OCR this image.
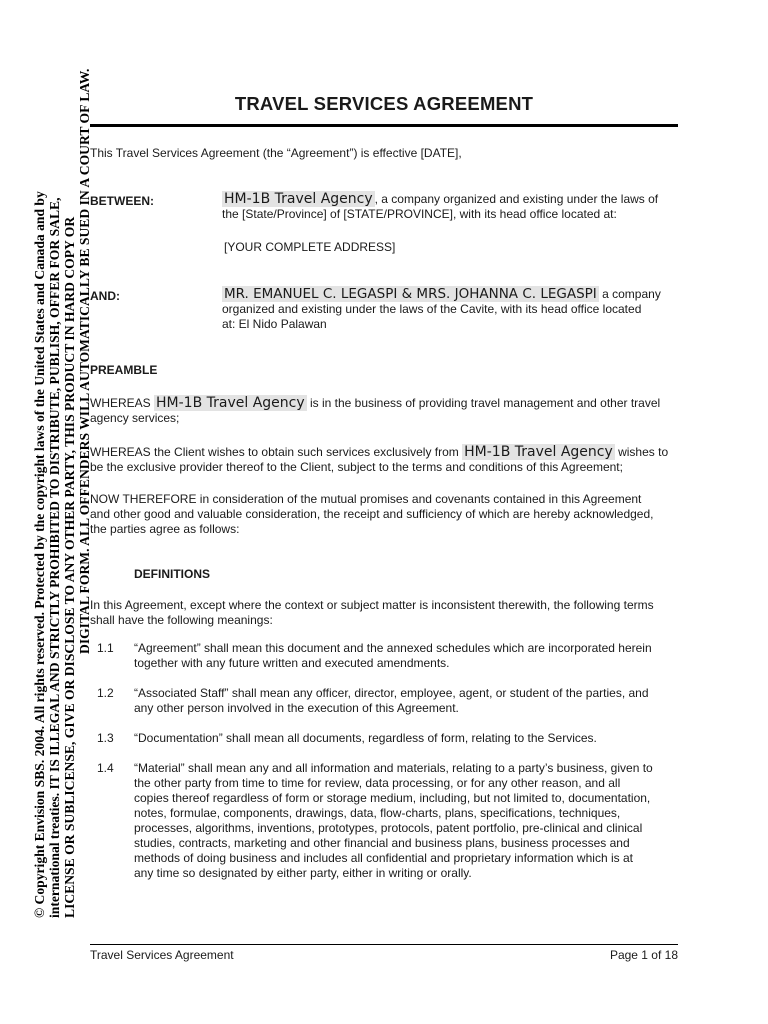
TRAVEL SERVICES AGREEMENT
This Travel Services Agreement (the “Agreement”) is effective [DATE],
BETWEEN:	HM-1B Travel Agency , a company organized and existing under the laws of
the [State/Province] of [STATE/PROVINCE], with its head office located at:
[YOUR COMPLETE ADDRESS]
AND:	MR. EMANUEL C. LEGASPI & MRS. JOHANNA C. LEGASPI a company
organized and existing under the laws of the Cavite, with its head office located
at: El Nido Palawan
PREAMBLE
WHEREAS HM-1B Travel Agency is in the business of providing travel management and other travel
agency services;
WHEREAS the Client wishes to obtain such services exclusively from HM-1B Travel Agency wishes to
be the exclusive provider thereof to the Client, subject to the terms and conditions of this Agreement;
NOW THEREFORE in consideration of the mutual promises and covenants contained in this Agreement
and other good and valuable consideration, the receipt and sufficiency of which are hereby acknowledged,
the parties agree as follows:
DEFINITIONS
In this Agreement, except where the context or subject matter is inconsistent therewith, the following terms
shall have the following meanings:
1.1 “Agreement” shall mean this document and the annexed schedules which are incorporated herein
together with any future written and executed amendments.
1.2 “Associated Staff” shall mean any officer, director, employee, agent, or student of the parties, and
any other person involved in the execution of this Agreement.
1.3 “Documentation” shall mean all documents, regardless of form, relating to the Services.
1.4 “Material” shall mean any and all information and materials, relating to a party’s business, given to
the other party from time to time for review, data processing, or for any other reason, and all
copies thereof regardless of form or storage medium, including, but not limited to, documentation,
notes, formulae, components, drawings, data, flow-charts, plans, specifications, techniques,
processes, algorithms, inventions, prototypes, protocols, patent portfolio, pre-clinical and clinical
studies, contracts, marketing and other financial and business plans, business processes and
methods of doing business and includes all confidential and proprietary information which is at
any time so designated by either party, either in writing or orally.
Travel Services Agreement	Page 1 of 18
© Copyright Envision SBS. 2004. All rights reserved. Protected by the copyright laws of the United States and Canada and by international treaties. IT IS ILLEGAL AND STRICTLY PROHIBITED TO DISTRIBUTE, PUBLISH, OFFER FOR SALE, LICENSE OR SUBLICENSE, GIVE OR DISCLOSE TO ANY OTHER PARTY, THIS PRODUCT IN HARD COPY OR DIGITAL FORM. ALL OFFENDERS WILL AUTOMATICALLY BE SUED IN A COURT OF LAW.
